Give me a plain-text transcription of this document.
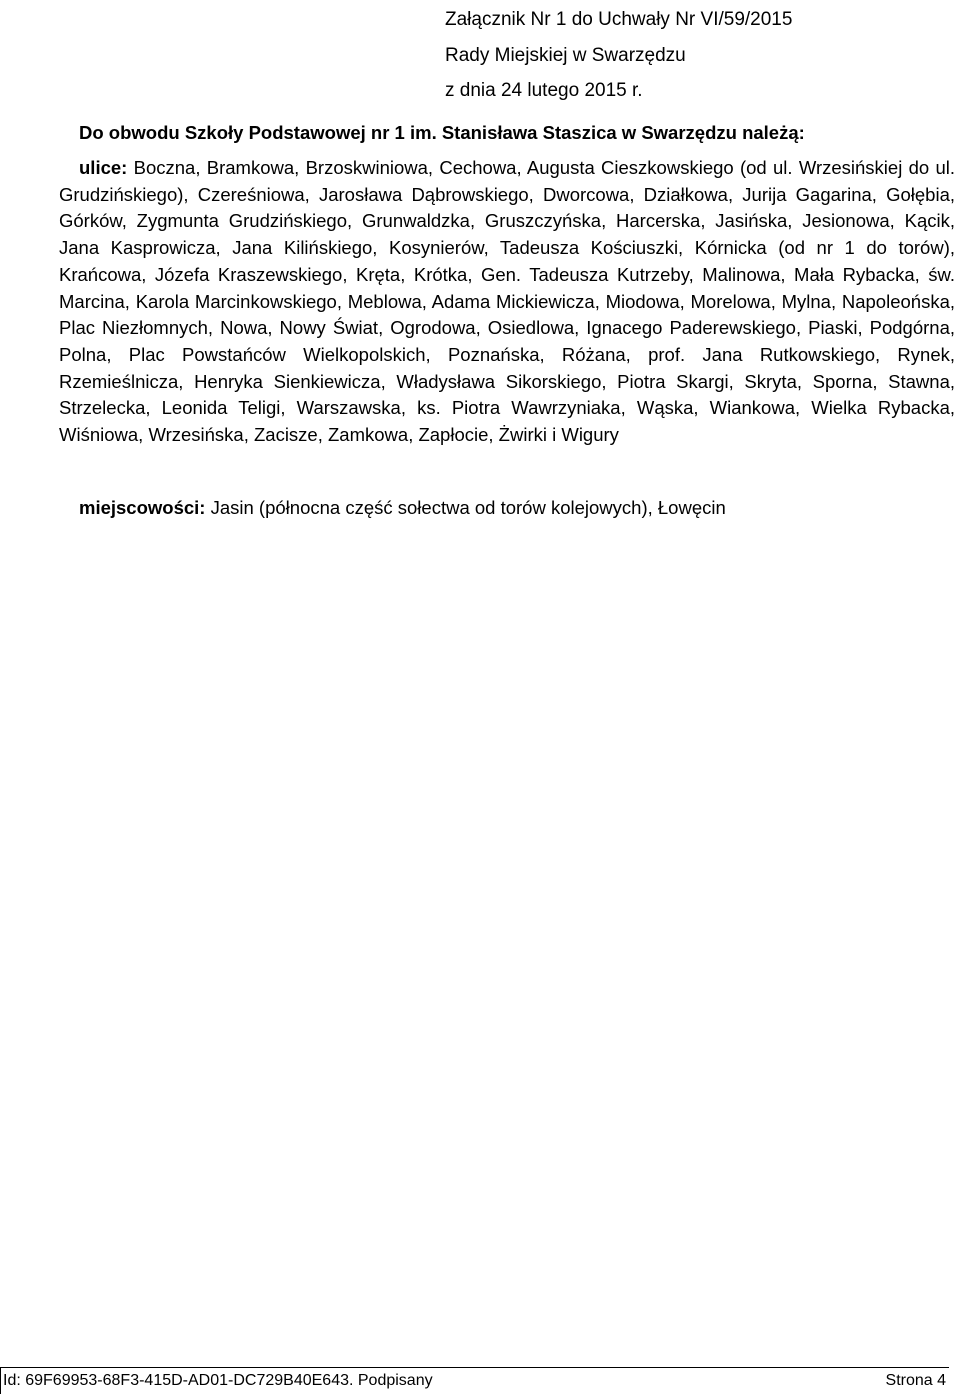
Załącznik Nr 1 do Uchwały Nr VI/59/2015
Rady Miejskiej w Swarzędzu
z dnia 24 lutego 2015 r.
Do obwodu Szkoły Podstawowej nr 1 im. Stanisława Staszica w Swarzędzu należą:
ulice: Boczna, Bramkowa, Brzoskwiniowa, Cechowa, Augusta Cieszkowskiego (od ul. Wrzesińskiej do ul. Grudzińskiego), Czereśniowa, Jarosława Dąbrowskiego, Dworcowa, Działkowa, Jurija Gagarina, Gołębia, Górków, Zygmunta Grudzińskiego, Grunwaldzka, Gruszczyńska, Harcerska, Jasińska, Jesionowa, Kącik, Jana Kasprowicza, Jana Kilińskiego, Kosynierów, Tadeusza Kościuszki, Kórnicka (od nr 1 do torów), Krańcowa, Józefa Kraszewskiego, Kręta, Krótka, Gen. Tadeusza Kutrzeby, Malinowa, Mała Rybacka, św. Marcina, Karola Marcinkowskiego, Meblowa, Adama Mickiewicza, Miodowa, Morelowa, Mylna, Napoleońska, Plac Niezłomnych, Nowa, Nowy Świat, Ogrodowa, Osiedlowa, Ignacego Paderewskiego, Piaski, Podgórna, Polna, Plac Powstańców Wielkopolskich, Poznańska, Różana, prof. Jana Rutkowskiego, Rynek, Rzemieślnicza, Henryka Sienkiewicza, Władysława Sikorskiego, Piotra Skargi, Skryta, Sporna, Stawna, Strzelecka, Leonida Teligi, Warszawska, ks. Piotra Wawrzyniaka, Wąska, Wiankowa, Wielka Rybacka, Wiśniowa, Wrzesińska, Zacisze, Zamkowa, Zapłocie, Żwirki i Wigury
miejscowości: Jasin (północna część sołectwa od torów kolejowych), Łowęcin
Id: 69F69953-68F3-415D-AD01-DC729B40E643. Podpisany	Strona 4
